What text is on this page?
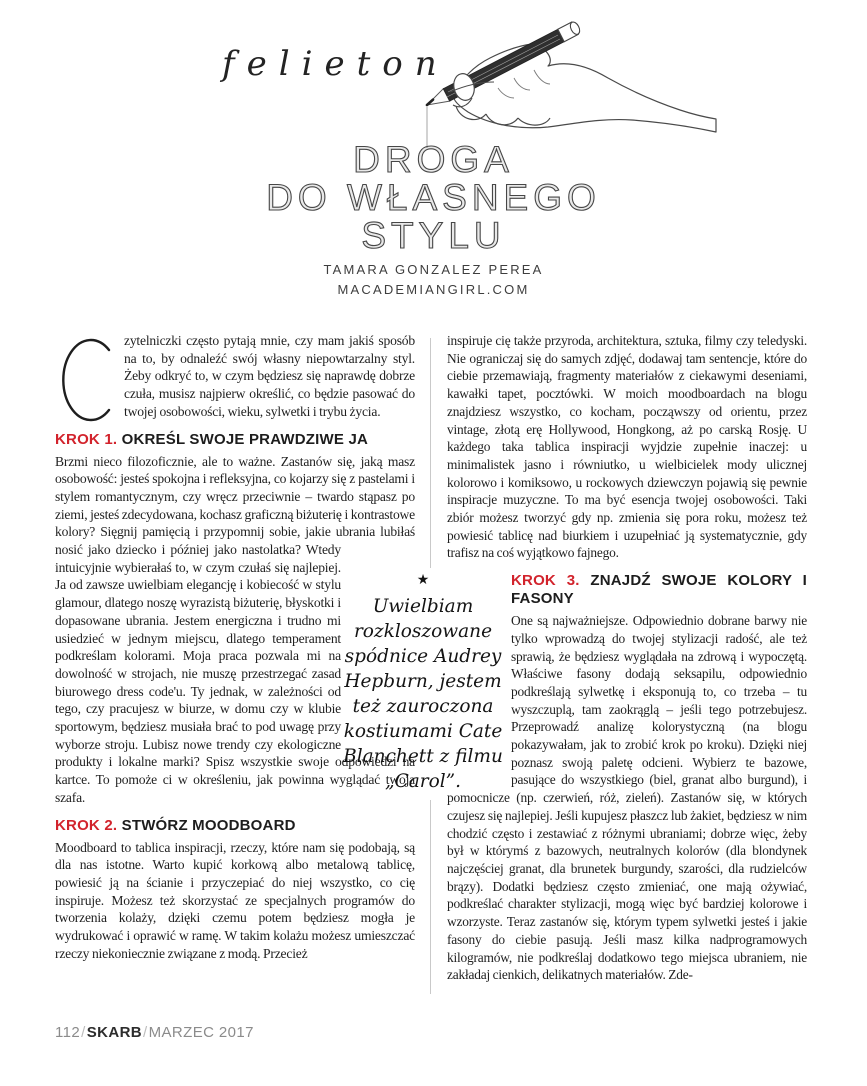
felieton
DROGA
DO WŁASNEGO
STYLU
TAMARA GONZALEZ PEREA
MACADEMIANGIRL.COM

zytelniczki często pytają mnie, czy mam jakiś sposób na to, by odnaleźć swój własny niepowtarzalny styl. Żeby odkryć to, w czym będziesz się naprawdę dobrze czuła, musisz najpierw określić, co będzie pasować do twojej osobowości, wieku, sylwetki i trybu życia.

KROK 1. OKREŚL SWOJE PRAWDZIWE JA

Brzmi nieco filozoficznie, ale to ważne. Zastanów się, jaką masz osobowość: jesteś spokojna i refleksyjna, co kojarzy się z pastelami i stylem romantycznym, czy wręcz przeciwnie – twardo stąpasz po ziemi, jesteś zdecydowana, kochasz graficzną biżuterię i kontrastowe kolory? Sięgnij pamięcią i przypomnij sobie, jakie ubrania lubiłaś nosić jako dziecko i później jako nastolatka? Wtedy intuicyjnie wybierałaś to, w czym czułaś się najlepiej. Ja od zawsze uwielbiam elegancję i kobiecość w stylu glamour, dlatego noszę wyrazistą biżuterię, błyskotki i dopasowane ubrania. Jestem energiczna i trudno mi usiedzieć w jednym miejscu, dlatego temperament podkreślam kolorami. Moja praca pozwala mi na dowolność w strojach, nie muszę przestrzegać zasad biurowego dress code'u. Ty jednak, w zależności od tego, czy pracujesz w biurze, w domu czy w klubie sportowym, będziesz musiała brać to pod uwagę przy wyborze stroju. Lubisz nowe trendy czy ekologiczne produkty i lokalne marki? Spisz wszystkie swoje odpowiedzi na kartce. To pomoże ci w określeniu, jak powinna wyglądać twoja szafa.

KROK 2. STWÓRZ MOODBOARD

Moodboard to tablica inspiracji, rzeczy, które nam się podobają, są dla nas istotne. Warto kupić korkową albo metalową tablicę, powiesić ją na ścianie i przyczepiać do niej wszystko, co cię inspiruje. Możesz też skorzystać ze specjalnych programów do tworzenia kolaży, dzięki czemu potem będziesz mogła je wydrukować i oprawić w ramę. W takim kolażu możesz umieszczać rzeczy niekoniecznie związane z modą. Przecież

inspiruje cię także przyroda, architektura, sztuka, filmy czy teledyski. Nie ograniczaj się do samych zdjęć, dodawaj tam sentencje, które do ciebie przemawiają, fragmenty materiałów z ciekawymi deseniami, kawałki tapet, pocztówki. W moich moodboardach na blogu znajdziesz wszystko, co kocham, począwszy od orientu, przez vintage, złotą erę Hollywood, Hongkong, aż po carską Rosję. U każdego taka tablica inspiracji wyjdzie zupełnie inaczej: u minimalistek jasno i równiutko, u wielbicielek mody ulicznej kolorowo i komiksowo, u rockowych dziewczyn pojawią się pewnie inspiracje muzyczne. To ma być esencja twojej osobowości. Taki zbiór możesz tworzyć gdy np. zmienia się pora roku, możesz też powiesić tablicę nad biurkiem i uzupełniać ją systematycznie, gdy trafisz na coś wyjątkowo fajnego.

KROK 3. ZNAJDŹ SWOJE KOLORY I FASONY

One są najważniejsze. Odpowiednio dobrane barwy nie tylko wprowadzą do twojej stylizacji radość, ale też sprawią, że będziesz wyglądała na zdrową i wypoczętą. Właściwe fasony dodają seksapilu, odpowiednio podkreślają sylwetkę i eksponują to, co trzeba – tu wyszczuplą, tam zaokrąglą – jeśli tego potrzebujesz. Przeprowadź analizę kolorystyczną (na blogu pokazywałam, jak to zrobić krok po kroku). Dzięki niej poznasz swoją paletę odcieni. Wybierz te bazowe, pasujące do wszystkiego (biel, granat albo burgund), i pomocnicze (np. czerwień, róż, zieleń). Zastanów się, w których czujesz się najlepiej. Jeśli kupujesz płaszcz lub żakiet, będziesz w nim chodzić często i zestawiać z różnymi ubraniami; dobrze więc, żeby był w którymś z bazowych, neutralnych kolorów (dla blondynek najczęściej granat, dla brunetek burgundy, szarości, dla rudzielców brązy). Dodatki będziesz często zmieniać, one mają ożywiać, podkreślać charakter stylizacji, mogą więc być bardziej kolorowe i wzorzyste. Teraz zastanów się, którym typem sylwetki jesteś i jakie fasony do ciebie pasują. Jeśli masz kilka nadprogramowych kilogramów, nie podkreślaj dodatkowo tego miejsca ubraniem, nie zakładaj cienkich, delikatnych materiałów. Zde-

★
Uwielbiam rozkloszowane spódnice Audrey Hepburn, jestem też zauroczona kostiumami Cate Blanchett z filmu „Carol”.
112/SKARB/MARZEC 2017
